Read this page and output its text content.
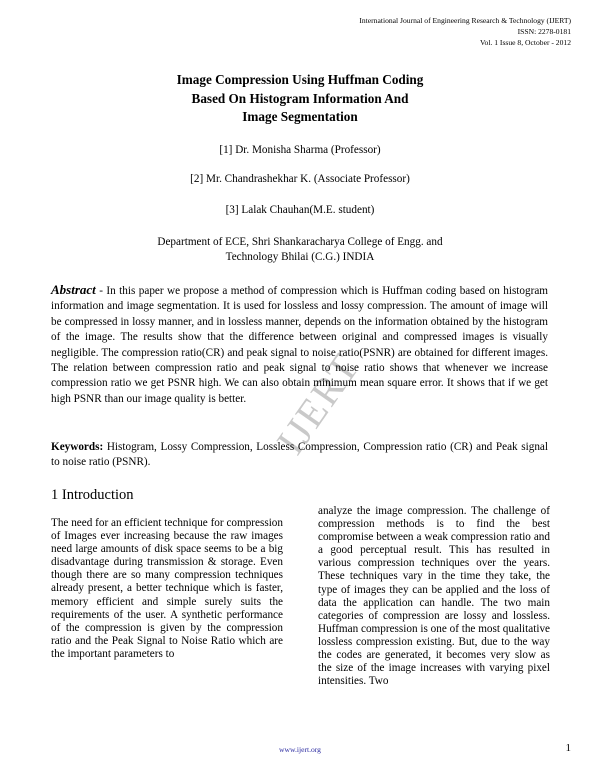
International Journal of Engineering Research & Technology (IJERT)
ISSN: 2278-0181
Vol. 1 Issue 8, October - 2012
Image Compression Using Huffman Coding
Based On Histogram Information And
Image Segmentation
[1] Dr. Monisha Sharma (Professor)
[2] Mr. Chandrashekhar K. (Associate Professor)
[3] Lalak Chauhan(M.E. student)
Department of ECE, Shri Shankaracharya College of Engg. and
Technology Bhilai (C.G.) INDIA
IJERT
Abstract - In this paper we propose a method of compression which is Huffman coding based on histogram information and image segmentation. It is used for lossless and lossy compression. The amount of image will be compressed in lossy manner, and in lossless manner, depends on the information obtained by the histogram of the image. The results show that the difference between original and compressed images is visually negligible. The compression ratio(CR) and peak signal to noise ratio(PSNR) are obtained for different images. The relation between compression ratio and peak signal to noise ratio shows that whenever we increase compression ratio we get PSNR high. We can also obtain minimum mean square error. It shows that if we get high PSNR than our image quality is better.
Keywords: Histogram, Lossy Compression, Lossless Compression, Compression ratio (CR) and Peak signal to noise ratio (PSNR).
1 Introduction

The need for an efficient technique for compression of Images ever increasing because the raw images need large amounts of disk space seems to be a big disadvantage during transmission & storage. Even though there are so many compression techniques already present, a better technique which is faster, memory efficient and simple surely suits the requirements of the user. A synthetic performance of the compression is given by the compression ratio and the Peak Signal to Noise Ratio which are the important parameters to

analyze the image compression. The challenge of compression methods is to find the best compromise between a weak compression ratio and a good perceptual result. This has resulted in various compression techniques over the years. These techniques vary in the time they take, the type of images they can be applied and the loss of data the application can handle. The two main categories of compression are lossy and lossless. Huffman compression is one of the most qualitative lossless compression existing. But, due to the way the codes are generated, it becomes very slow as the size of the image increases with varying pixel intensities. Two

www.ijert.org	1
